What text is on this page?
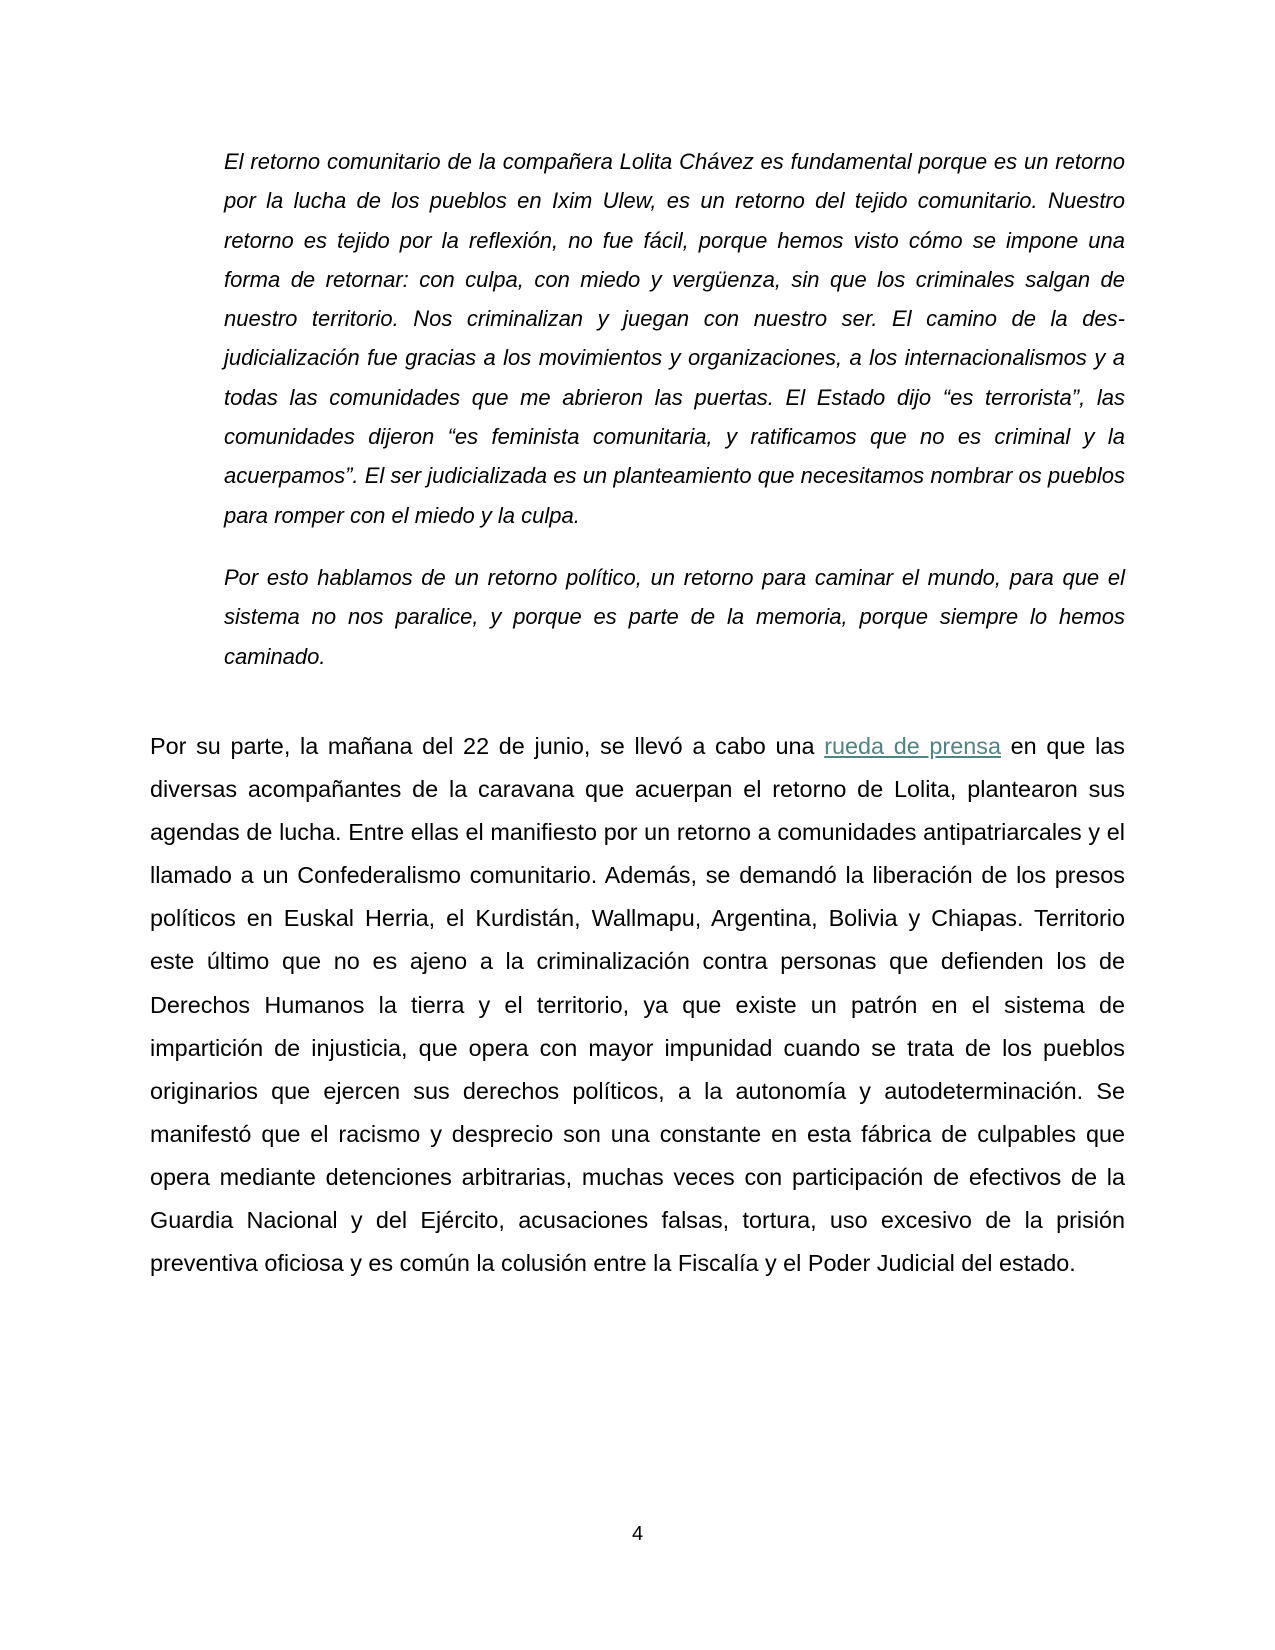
El retorno comunitario de la compañera Lolita Chávez es fundamental porque es un retorno por la lucha de los pueblos en Ixim Ulew, es un retorno del tejido comunitario. Nuestro retorno es tejido por la reflexión, no fue fácil, porque hemos visto cómo se impone una forma de retornar: con culpa, con miedo y vergüenza, sin que los criminales salgan de nuestro territorio. Nos criminalizan y juegan con nuestro ser. El camino de la des-judicialización fue gracias a los movimientos y organizaciones, a los internacionalismos y a todas las comunidades que me abrieron las puertas. El Estado dijo “es terrorista”, las comunidades dijeron “es feminista comunitaria, y ratificamos que no es criminal y la acuerpamos”. El ser judicializada es un planteamiento que necesitamos nombrar os pueblos para romper con el miedo y la culpa.

Por esto hablamos de un retorno político, un retorno para caminar el mundo, para que el sistema no nos paralice, y porque es parte de la memoria, porque siempre lo hemos caminado.

Por su parte, la mañana del 22 de junio, se llevó a cabo una rueda de prensa en que las diversas acompañantes de la caravana que acuerpan el retorno de Lolita, plantearon sus agendas de lucha. Entre ellas el manifiesto por un retorno a comunidades antipatriarcales y el llamado a un Confederalismo comunitario. Además, se demandó la liberación de los presos políticos en Euskal Herria, el Kurdistán, Wallmapu, Argentina, Bolivia y Chiapas. Territorio este último que no es ajeno a la criminalización contra personas que defienden los de Derechos Humanos la tierra y el territorio, ya que existe un patrón en el sistema de impartición de injusticia, que opera con mayor impunidad cuando se trata de los pueblos originarios que ejercen sus derechos políticos, a la autonomía y autodeterminación. Se manifestó que el racismo y desprecio son una constante en esta fábrica de culpables que opera mediante detenciones arbitrarias, muchas veces con participación de efectivos de la Guardia Nacional y del Ejército, acusaciones falsas, tortura, uso excesivo de la prisión preventiva oficiosa y es común la colusión entre la Fiscalía y el Poder Judicial del estado.

4
